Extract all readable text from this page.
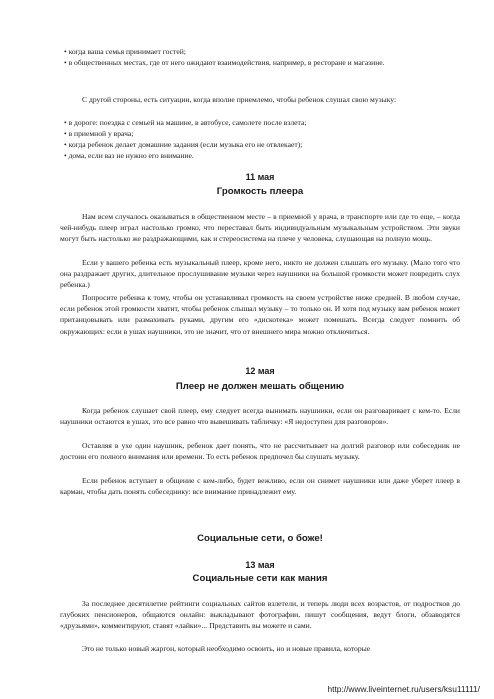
• когда ваша семья принимает гостей;
• в общественных местах, где от него ожидают взаимодействия, например, в ресторане и магазине.

С другой стороны, есть ситуации, когда вполне приемлемо, чтобы ребенок слушал свою музыку:

• в дороге: поездка с семьей на машине, в автобусе, самолете после взлета;
• в приемной у врача;
• когда ребенок делает домашние задания (если музыка его не отвлекает);
• дома, если ваз не нужно его внимание.
11 мая
Громкость плеера

Нам всем случалось оказываться в общественном месте – в приемной у врача, в транспорте или где то еще, – когда чей-нибудь плеер играл настолько громко, что переставал быть индивидуальным музыкальным устройством. Эти звуки могут быть настолько же раздражающими, как и стереосистема на плече у человека, слушающая на полную мощь.

Если у вашего ребенка есть музыкальный плеер, кроме него, никто не должен слышать его музыку. (Мало того что она раздражает других, длительное прослушивание музыки через наушники на большой громкости может повредить слух ребенка.)

Попросите ребенка к тому, чтобы он устанавливал громкость на своем устройстве ниже средней. В любом случае, если ребенок этой громкости хватит, чтобы ребенок слышал музыку – то только он. И хотя под музыку вам ребенок может пританцовывать или размахивать руками, другим его «дискотека» может помешать. Всегда следует помнить об окружающих: если в ушах наушники, это не значит, что от внешнего мира можно отключиться.

12 мая
Плеер не должен мешать общению

Когда ребенок слушает свой плеер, ему следует всегда вынимать наушники, если он разговаривает с кем-то. Если наушники остаются в ушах, это все равно что вывешивать табличку: «Я недоступен для разговоров».

Оставляя в ухе один наушник, ребенок дает понять, что не рассчитывает на долгий разговор или собеседник не достоин его полного внимания или времени. То есть ребенок предпочел бы слушать музыку.

Если ребенок вступает в общение с кем-либо, будет вежливо, если он снимет наушники или даже уберет плеер в карман, чтобы дать понять собеседнику: все внимание принадлежит ему.

Социальные сети, о боже!
13 мая
Социальные сети как мания

За последнее десятилетие рейтинги социальных сайтов взлетели, и теперь люди всех возрастов, от подростков до глубоких пенсионеров, общаются онлайн: выкладывают фотографии, пишут сообщения, ведут блоги, обзаводятся «друзьями», комментируют, ставят «лайки»... Представить вы можете и сами.

Это не только новый жаргон, который необходимо освоить, но и новые правила, которые

http://www.liveinternet.ru/users/ksu11111/
